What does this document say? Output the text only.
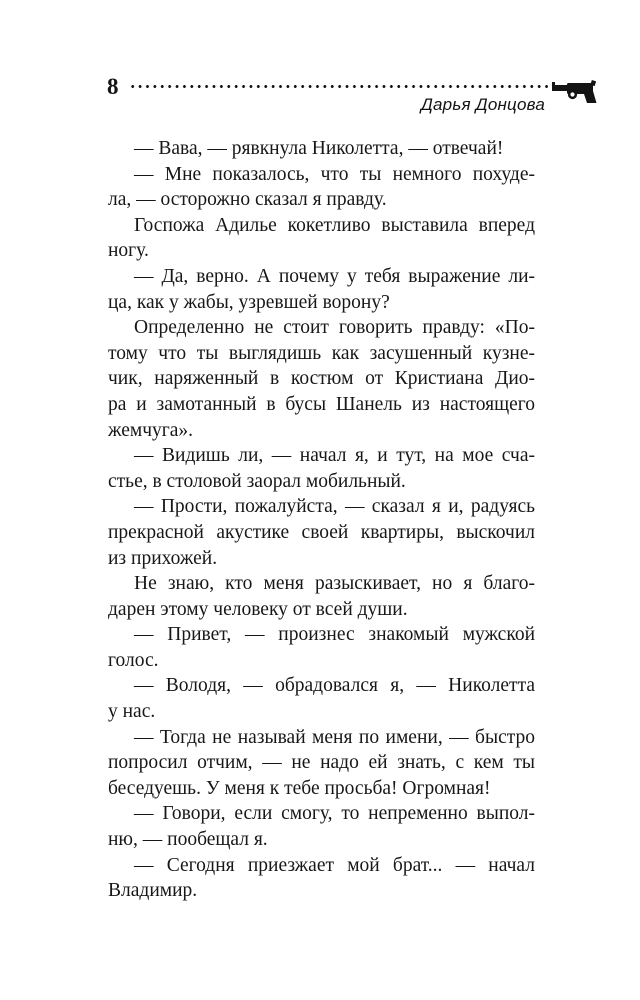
8
Дарья Донцова
— Вава, — рявкнула Николетта, — отвечай!
— Мне показалось, что ты немного похуде-
ла, — осторожно сказал я правду.
Госпожа Адилье кокетливо выставила вперед
ногу.
— Да, верно. А почему у тебя выражение ли-
ца, как у жабы, узревшей ворону?
Определенно не стоит говорить правду: «По-
тому что ты выглядишь как засушенный кузне-
чик, наряженный в костюм от Кристиана Дио-
ра и замотанный в бусы Шанель из настоящего
жемчуга».
— Видишь ли, — начал я, и тут, на мое сча-
стье, в столовой заорал мобильный.
— Прости, пожалуйста, — сказал я и, радуясь
прекрасной акустике своей квартиры, выскочил
из прихожей.
Не знаю, кто меня разыскивает, но я благо-
дарен этому человеку от всей души.
— Привет, — произнес знакомый мужской
голос.
— Володя, — обрадовался я, — Николетта
у нас.
— Тогда не называй меня по имени, — быстро
попросил отчим, — не надо ей знать, с кем ты
беседуешь. У меня к тебе просьба! Огромная!
— Говори, если смогу, то непременно выпол-
ню, — пообещал я.
— Сегодня приезжает мой брат... — начал
Владимир.
